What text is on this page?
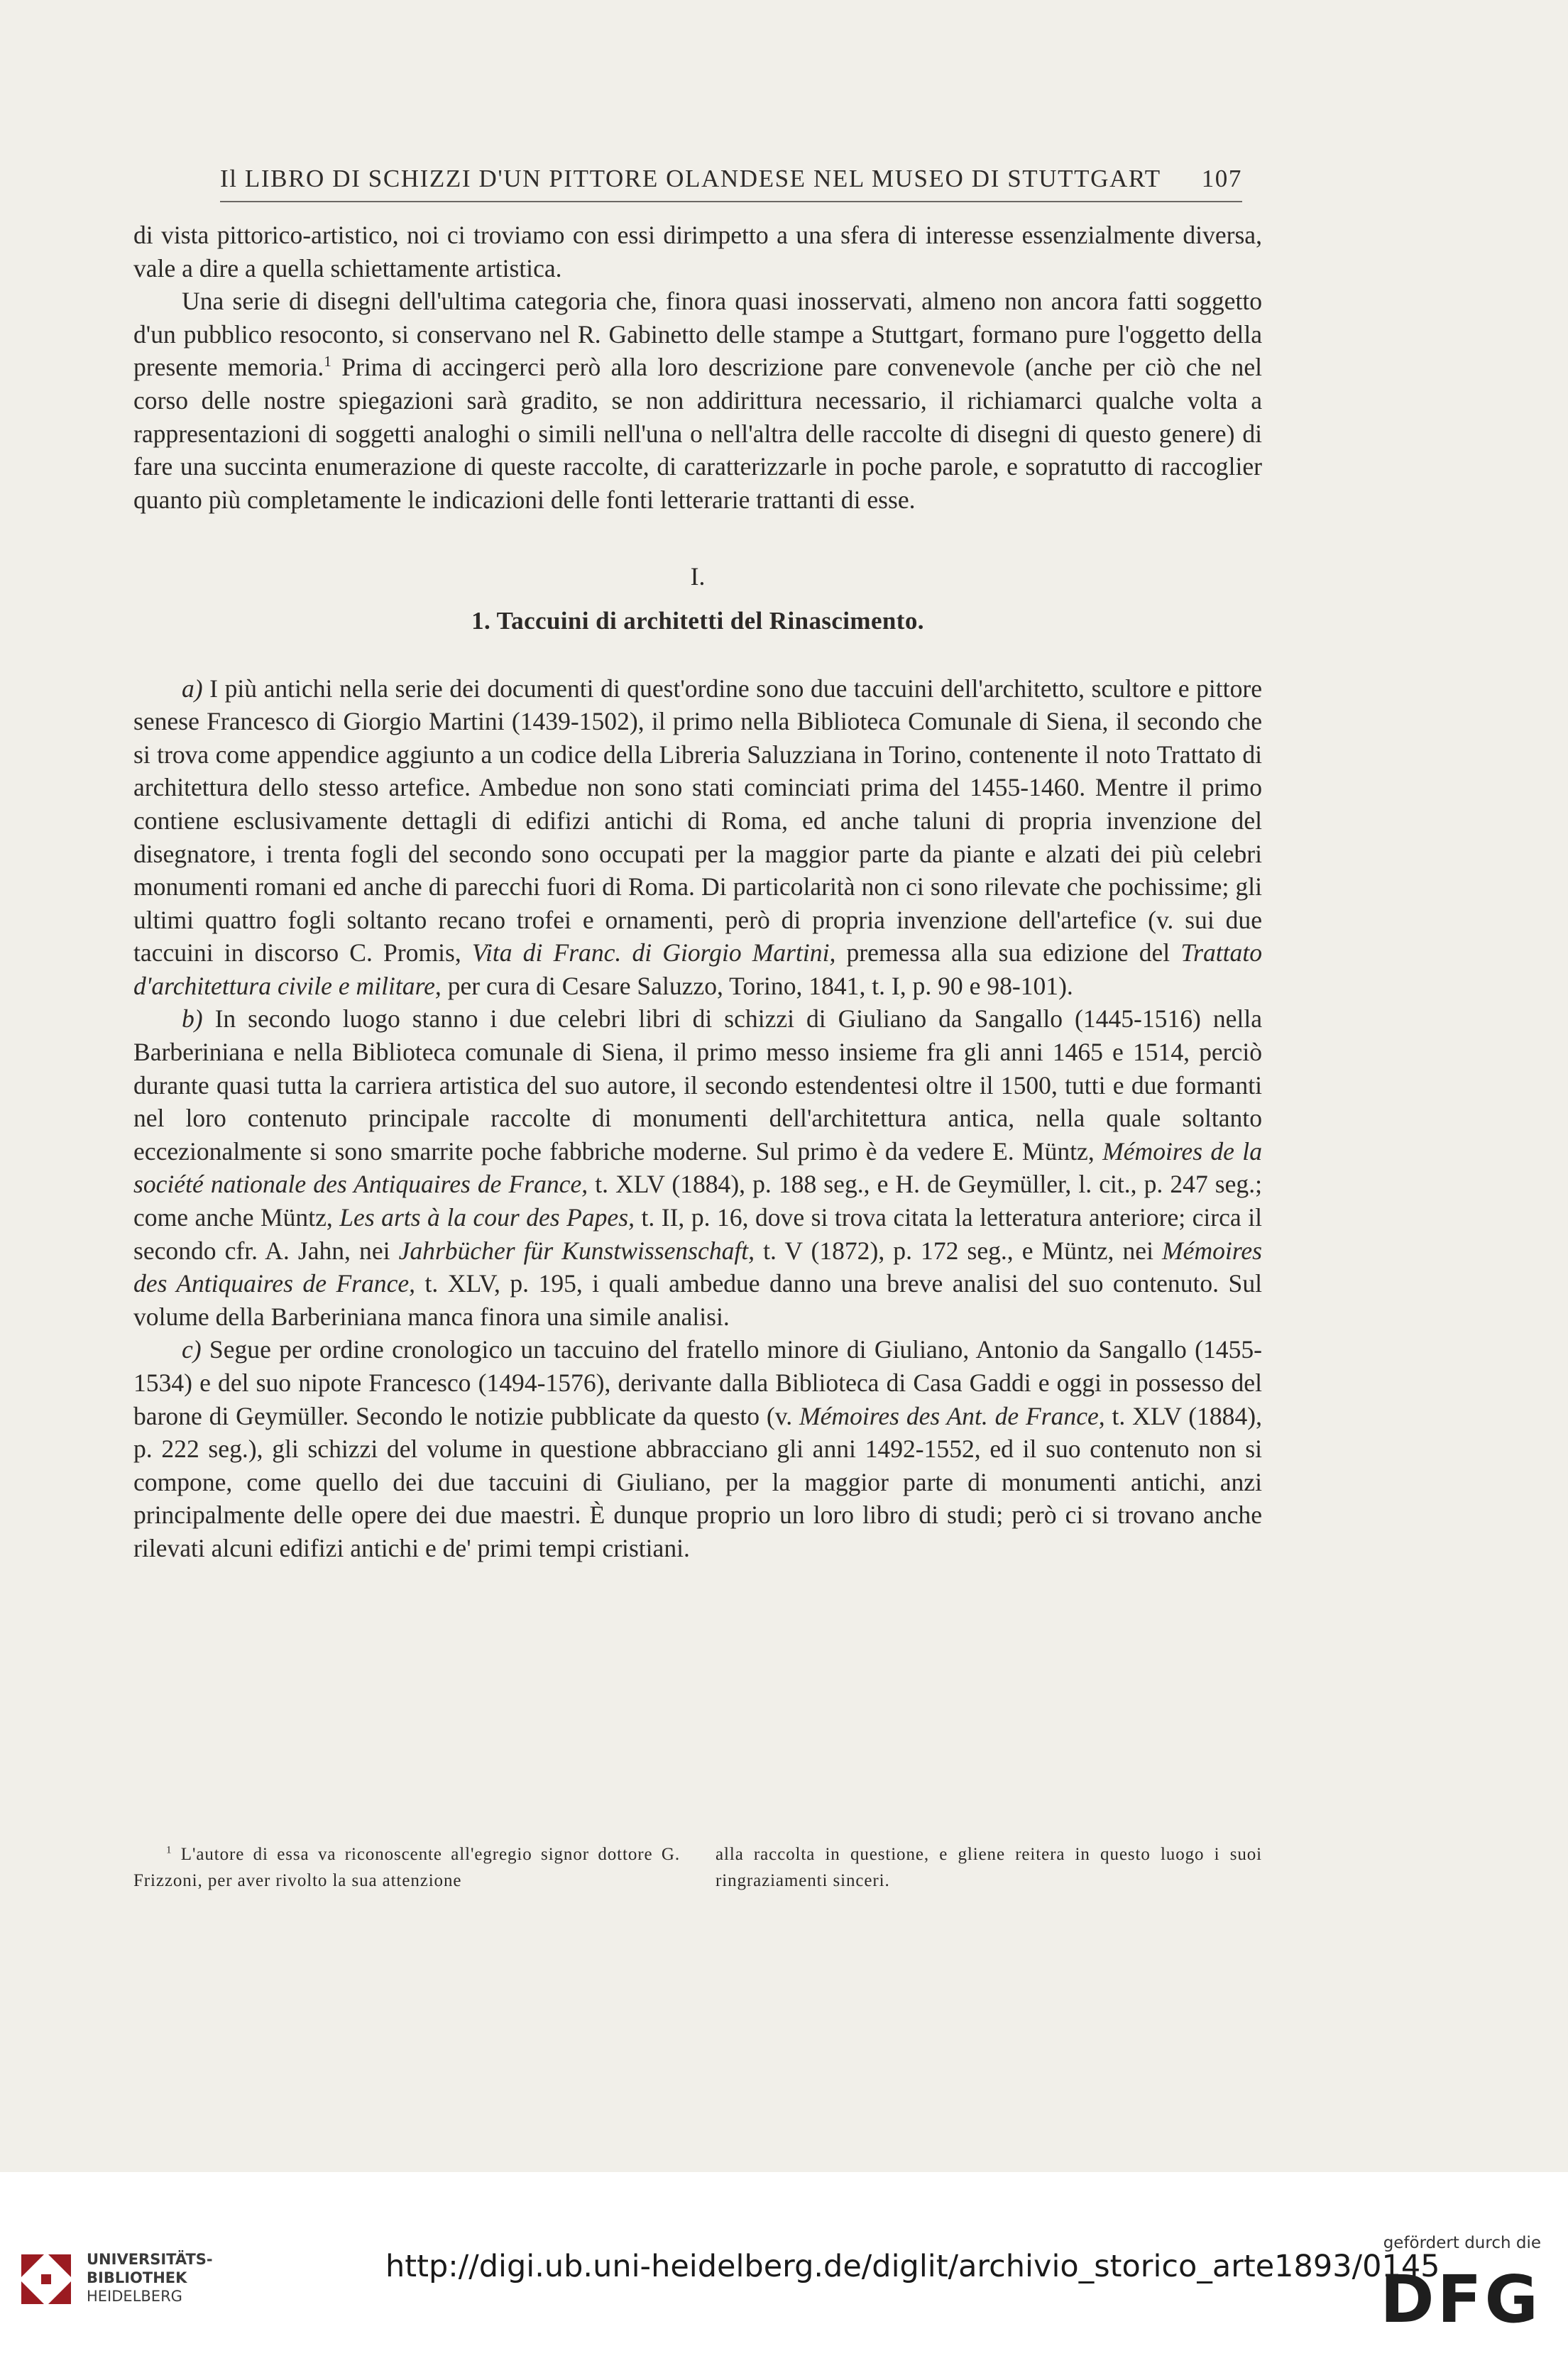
Il LIBRO DI SCHIZZI D'UN PITTORE OLANDESE NEL MUSEO DI STUTTGART 107

di vista pittorico-artistico, noi ci troviamo con essi dirimpetto a una sfera di interesse essenzialmente diversa, vale a dire a quella schiettamente artistica.

Una serie di disegni dell'ultima categoria che, finora quasi inosservati, almeno non ancora fatti soggetto d'un pubblico resoconto, si conservano nel R. Gabinetto delle stampe a Stuttgart, formano pure l'oggetto della presente memoria.$^1$ Prima di accingerci però alla loro descrizione pare convenevole (anche per ciò che nel corso delle nostre spiegazioni sarà gradito, se non addirittura necessario, il richiamarci qualche volta a rappresentazioni di soggetti analoghi o simili nell'una o nell'altra delle raccolte di disegni di questo genere) di fare una succinta enumerazione di queste raccolte, di caratterizzarle in poche parole, e sopratutto di raccoglier quanto più completamente le indicazioni delle fonti letterarie trattanti di esse.

I.

1. Taccuini di architetti del Rinascimento.

a) I più antichi nella serie dei documenti di quest'ordine sono due taccuini dell'architetto, scultore e pittore senese Francesco di Giorgio Martini (1439-1502), il primo nella Biblioteca Comunale di Siena, il secondo che si trova come appendice aggiunto a un codice della Libreria Saluzziana in Torino, contenente il noto Trattato di architettura dello stesso artefice. Ambedue non sono stati cominciati prima del 1455-1460. Mentre il primo contiene esclusivamente dettagli di edifizi antichi di Roma, ed anche taluni di propria invenzione del disegnatore, i trenta fogli del secondo sono occupati per la maggior parte da piante e alzati dei più celebri monumenti romani ed anche di parecchi fuori di Roma. Di particolarità non ci sono rilevate che pochissime; gli ultimi quattro fogli soltanto recano trofei e ornamenti, però di propria invenzione dell'artefice (v. sui due taccuini in discorso C. Promis, Vita di Franc. di Giorgio Martini, premessa alla sua edizione del Trattato d'architettura civile e militare, per cura di Cesare Saluzzo, Torino, 1841, t. I, p. 90 e 98-101).

b) In secondo luogo stanno i due celebri libri di schizzi di Giuliano da Sangallo (1445-1516) nella Barberiniana e nella Biblioteca comunale di Siena, il primo messo insieme fra gli anni 1465 e 1514, perciò durante quasi tutta la carriera artistica del suo autore, il secondo estendentesi oltre il 1500, tutti e due formanti nel loro contenuto principale raccolte di monumenti dell'architettura antica, nella quale soltanto eccezionalmente si sono smarrite poche fabbriche moderne. Sul primo è da vedere E. Müntz, Mémoires de la société nationale des Antiquaires de France, t. XLV (1884), p. 188 seg., e H. de Geymüller, l. cit., p. 247 seg.; come anche Müntz, Les arts à la cour des Papes, t. II, p. 16, dove si trova citata la letteratura anteriore; circa il secondo cfr. A. Jahn, nei Jahrbücher für Kunstwissenschaft, t. V (1872), p. 172 seg., e Müntz, nei Mémoires des Antiquaires de France, t. XLV, p. 195, i quali ambedue danno una breve analisi del suo contenuto. Sul volume della Barberiniana manca finora una simile analisi.

c) Segue per ordine cronologico un taccuino del fratello minore di Giuliano, Antonio da Sangallo (1455-1534) e del suo nipote Francesco (1494-1576), derivante dalla Biblioteca di Casa Gaddi e oggi in possesso del barone di Geymüller. Secondo le notizie pubblicate da questo (v. Mémoires des Ant. de France, t. XLV (1884), p. 222 seg.), gli schizzi del volume in questione abbracciano gli anni 1492-1552, ed il suo contenuto non si compone, come quello dei due taccuini di Giuliano, per la maggior parte di monumenti antichi, anzi principalmente delle opere dei due maestri. È dunque proprio un loro libro di studi; però ci si trovano anche rilevati alcuni edifizi antichi e de' primi tempi cristiani.

$^1$ L'autore di essa va riconoscente all'egregio signor dottore G. Frizzoni, per aver rivolto la sua attenzione
alla raccolta in questione, e gliene reitera in questo luogo i suoi ringraziamenti sinceri.
UNIVERSITÄTS-
BIBLIOTHEK
HEIDELBERG
http://digi.ub.uni-heidelberg.de/diglit/archivio_storico_arte1893/0145
gefördert durch die
DFG
